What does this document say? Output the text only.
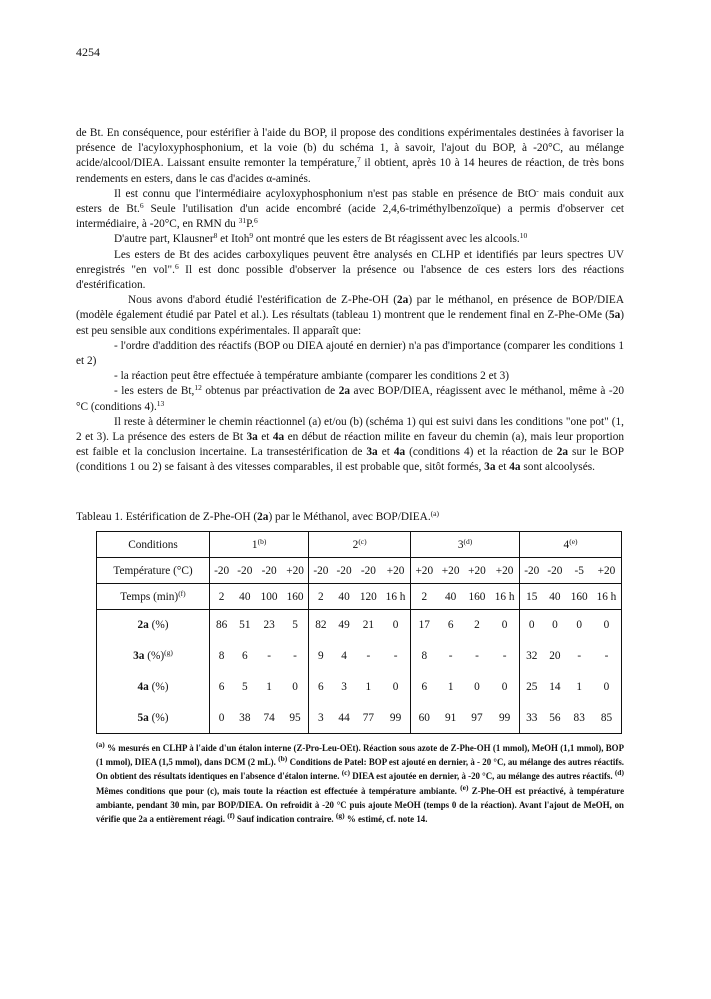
4254

de Bt. En conséquence, pour estérifier à l'aide du BOP, il propose des conditions expérimentales destinées à favoriser la présence de l'acyloxyphosphonium, et la voie (b) du schéma 1, à savoir, l'ajout du BOP, à -20°C, au mélange acide/alcool/DIEA. Laissant ensuite remonter la température,$^7$ il obtient, après 10 à 14 heures de réaction, de très bons rendements en esters, dans le cas d'acides α-aminés.

Il est connu que l'intermédiaire acyloxyphosphonium n'est pas stable en présence de BtO- mais conduit aux esters de Bt.$^6$ Seule l'utilisation d'un acide encombré (acide 2,4,6-triméthylbenzoïque) a permis d'observer cet intermédiaire, à -20°C, en RMN du $^{31}$P.$^6$

D'autre part, Klausner$^8$ et Itoh$^9$ ont montré que les esters de Bt réagissent avec les alcools.$^{10}$

Les esters de Bt des acides carboxyliques peuvent être analysés en CLHP et identifiés par leurs spectres UV enregistrés "en vol".$^6$ Il est donc possible d'observer la présence ou l'absence de ces esters lors des réactions d'estérification.

Nous avons d'abord étudié l'estérification de Z-Phe-OH (2a) par le méthanol, en présence de BOP/DIEA (modèle également étudié par Patel et al.). Les résultats (tableau 1) montrent que le rendement final en Z-Phe-OMe (5a) est peu sensible aux conditions expérimentales. Il apparaît que:

- l'ordre d'addition des réactifs (BOP ou DIEA ajouté en dernier) n'a pas d'importance (comparer les conditions 1 et 2)

- la réaction peut être effectuée à température ambiante (comparer les conditions 2 et 3)

- les esters de Bt,$^{12}$ obtenus par préactivation de 2a avec BOP/DIEA, réagissent avec le méthanol, même à -20 °C (conditions 4).$^{13}$

Il reste à déterminer le chemin réactionnel (a) et/ou (b) (schéma 1) qui est suivi dans les conditions "one pot" (1, 2 et 3). La présence des esters de Bt 3a et 4a en début de réaction milite en faveur du chemin (a), mais leur proportion est faible et la conclusion incertaine. La transestérification de 3a et 4a (conditions 4) et la réaction de 2a sur le BOP (conditions 1 ou 2) se faisant à des vitesses comparables, il est probable que, sitôt formés, 3a et 4a sont alcoolysés.

Tableau 1. Estérification de Z-Phe-OH (2a) par le Méthanol, avec BOP/DIEA.$^{(a)}$
Conditions	1$^{(b)}$				2$^{(c)}$				3$^{(d)}$				4$^{(e)}$
Température (°C)	-20	-20	-20	+20	-20	-20	-20	+20	+20	+20	+20	+20	-20	-20	-5	+20
Temps $(\min)^{(f)}$	2	40	100	160	2	40	120	16 h	2	40	160	16 h	15	40	160	16 h
2a (%)	86	51	23	5	82	49	21	0	17	6	2	0	0	0	0	0
3a (%)$^{(g)}$	8	6	-	-	9	4	-	-	8	-	-	-	32	20	-	-
4a (%)	6	5	1	0	6	3	1	0	6	1	0	0	25	14	1	0
5a (%)	0	38	74	95	3	44	77	99	60	91	97	99	33	56	83	85
$^{(a)}$ % mesurés en CLHP à l'aide d'un étalon interne (Z-Pro-Leu-OEt). Réaction sous azote de Z-Phe-OH (1 mmol), MeOH (1,1 mmol), BOP (1 mmol), DIEA (1,5 mmol), dans DCM (2 mL). $^{(b)}$ Conditions de Patel: BOP est ajouté en dernier, à - 20 °C, au mélange des autres réactifs. On obtient des résultats identiques en l'absence d'étalon interne. $^{(c)}$ DIEA est ajoutée en dernier, à -20 °C, au mélange des autres réactifs. $^{(d)}$ Mêmes conditions que pour (c), mais toute la réaction est effectuée à température ambiante. $^{(e)}$ Z-Phe-OH est préactivé, à température ambiante, pendant 30 min, par BOP/DIEA. On refroidit à -20 °C puis ajoute MeOH (temps 0 de la réaction). Avant l'ajout de MeOH, on vérifie que 2a a entièrement réagi. $^{(f)}$ Sauf indication contraire. $^{(g)}$ % estimé, cf. note 14.
